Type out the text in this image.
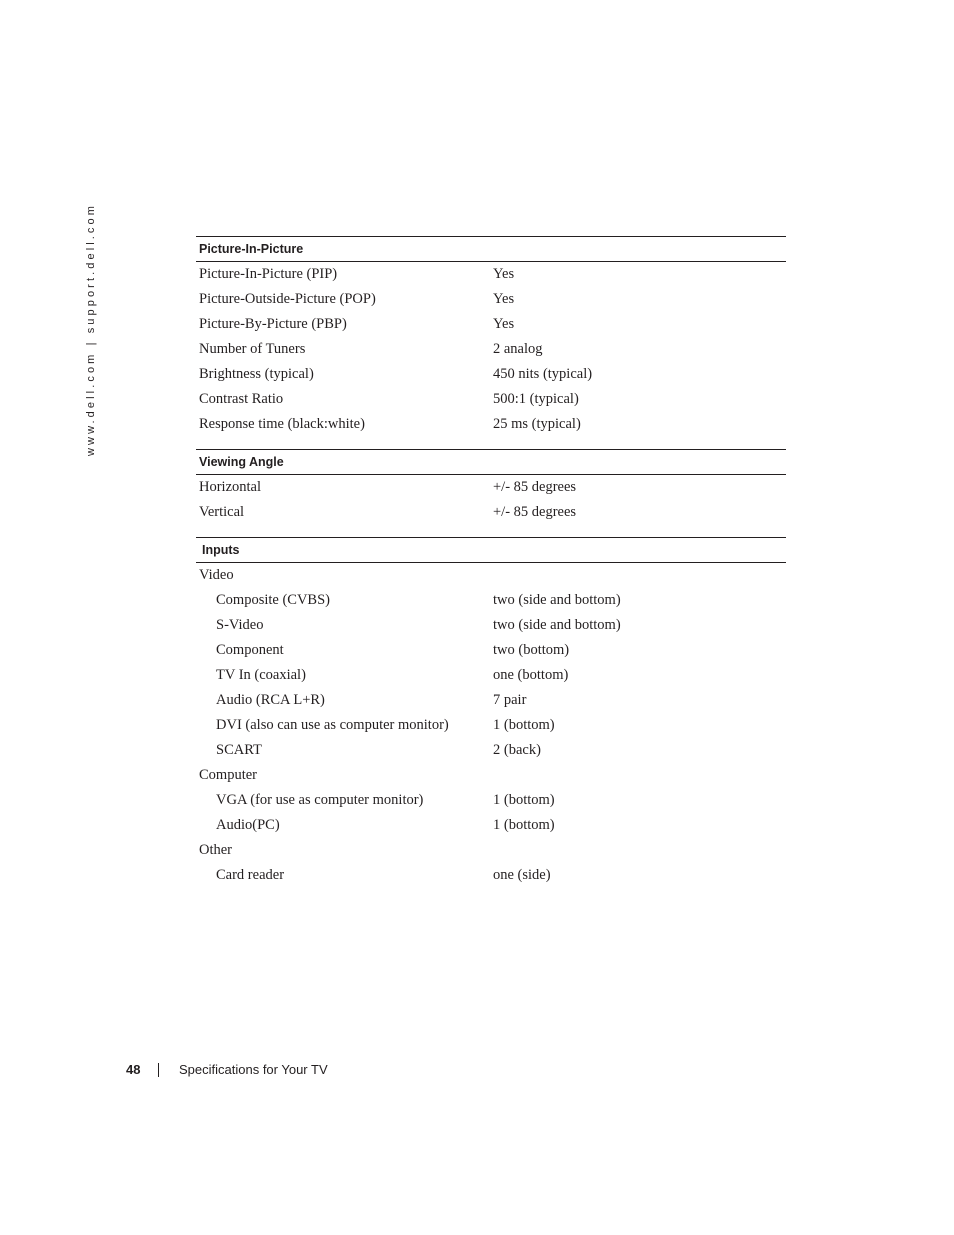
www.dell.com | support.dell.com	Picture-In-Picture
Picture-In-Picture (PIP)	Yes
Picture-Outside-Picture (POP)	Yes
Picture-By-Picture (PBP)	Yes
Number of Tuners	2 analog
Brightness (typical)	450 nits (typical)
Contrast Ratio	500:1 (typical)
Response time (black:white)	25 ms (typical)
Viewing Angle
Horizontal	+/- 85 degrees
Vertical	+/- 85 degrees
Inputs
Video
Composite (CVBS)	two (side and bottom)
S-Video	two (side and bottom)
Component	two (bottom)
TV In (coaxial)	one (bottom)
Audio (RCA L+R)	7 pair
DVI (also can use as computer monitor)	1 (bottom)
SCART	2 (back)
Computer
VGA (for use as computer monitor)	1 (bottom)
Audio(PC)	1 (bottom)
Other
Card reader	one (side)
48	Specifications for Your TV
